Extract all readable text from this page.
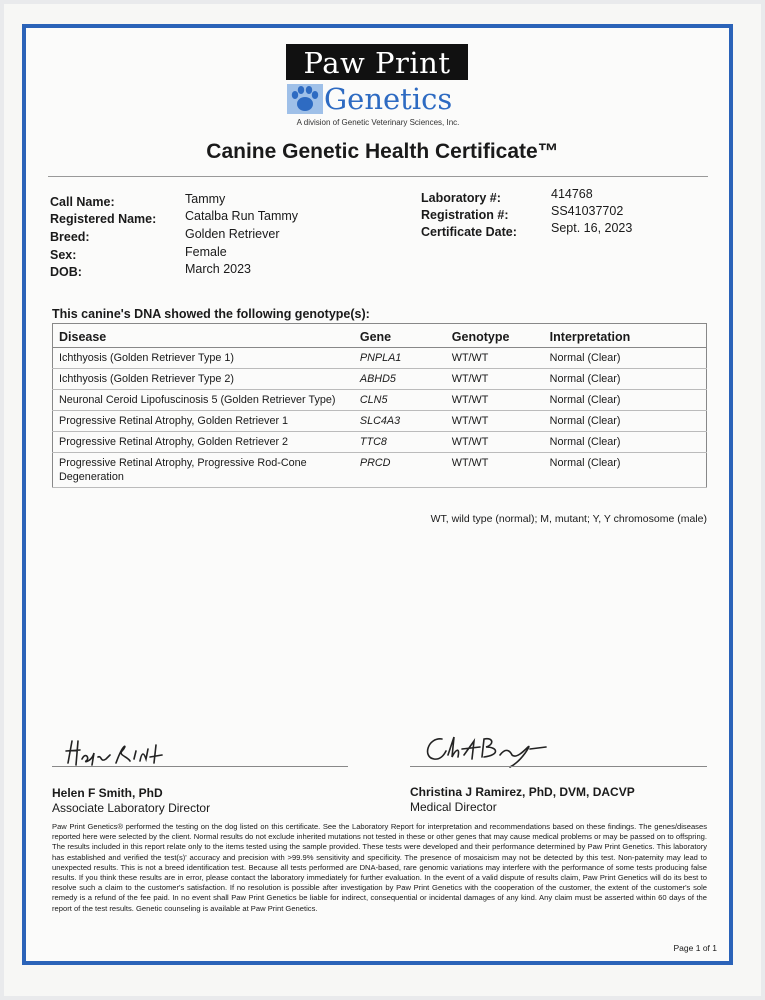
Paw Print
Genetics
A division of Genetic Veterinary Sciences, Inc.
Canine Genetic Health Certificate™
Call Name:	Tammy
Registered Name: Catalba Run Tammy
Breed:	Golden Retriever
Sex:	Female
DOB:	March 2023
Laboratory #:	414768
Registration #:	SS41037702
Certificate Date:	Sept. 16, 2023
This canine's DNA showed the following genotype(s):
Disease	Gene	Genotype	Interpretation
Ichthyosis (Golden Retriever Type 1)	PNPLA1	WT/WT	Normal (Clear)
Ichthyosis (Golden Retriever Type 2)	ABHD5	WT/WT	Normal (Clear)
Neuronal Ceroid Lipofuscinosis 5 (Golden Retriever Type)	CLN5	WT/WT	Normal (Clear)
Progressive Retinal Atrophy, Golden Retriever 1	SLC4A3	WT/WT	Normal (Clear)
Progressive Retinal Atrophy, Golden Retriever 2	TTC8	WT/WT	Normal (Clear)
Progressive Retinal Atrophy, Progressive Rod-Cone Degeneration	PRCD	WT/WT	Normal (Clear)
WT, wild type (normal); M, mutant; Y, Y chromosome (male)
Helen F Smith, PhD
Associate Laboratory Director
Christina J Ramirez, PhD, DVM, DACVP
Medical Director
Paw Print Genetics® performed the testing on the dog listed on this certificate. See the Laboratory Report for interpretation and recommendations based on these findings. The genes/diseases reported here were selected by the client. Normal results do not exclude inherited mutations not tested in these or other genes that may cause medical problems or may be passed on to offspring. The results included in this report relate only to the items tested using the sample provided. These tests were developed and their performance determined by Paw Print Genetics. This laboratory has established and verified the test(s)' accuracy and precision with >99.9% sensitivity and specificity. The presence of mosaicism may not be detected by this test. Non-paternity may lead to unexpected results. This is not a breed identification test. Because all tests performed are DNA-based, rare genomic variations may interfere with the performance of some tests producing false results. If you think these results are in error, please contact the laboratory immediately for further evaluation. In the event of a valid dispute of results claim, Paw Print Genetics will do its best to resolve such a claim to the customer's satisfaction. If no resolution is possible after investigation by Paw Print Genetics with the cooperation of the customer, the extent of the customer's sole remedy is a refund of the fee paid. In no event shall Paw Print Genetics be liable for indirect, consequential or incidental damages of any kind. Any claim must be asserted within 60 days of the report of the test results. Genetic counseling is available at Paw Print Genetics.
Page 1 of 1
